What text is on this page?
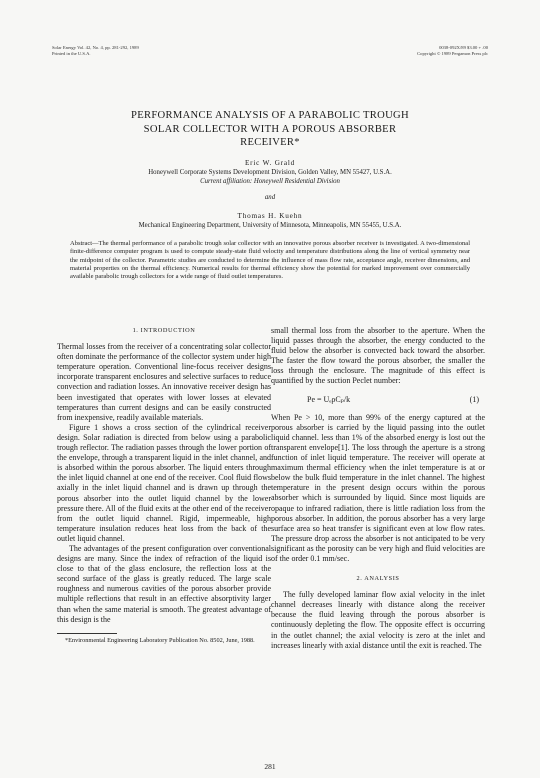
Solar Energy Vol. 42, No. 4, pp. 281-292, 1989
Printed in the U.S.A.
0038-092X/89 $3.00 + .00
Copyright © 1989 Pergamon Press plc
PERFORMANCE ANALYSIS OF A PARABOLIC TROUGH
SOLAR COLLECTOR WITH A POROUS ABSORBER
RECEIVER*
Eric W. Grald
Honeywell Corporate Systems Development Division, Golden Valley, MN 55427, U.S.A.
Current affiliation: Honeywell Residential Division
and
Thomas H. Kuehn
Mechanical Engineering Department, University of Minnesota, Minneapolis, MN 55455, U.S.A.
Abstract—The thermal performance of a parabolic trough solar collector with an innovative porous absorber receiver is investigated. A two-dimensional finite-difference computer program is used to compute steady-state fluid velocity and temperature distributions along the line of vertical symmetry near the midpoint of the collector. Parametric studies are conducted to determine the influence of mass flow rate, acceptance angle, receiver dimensions, and material properties on the thermal efficiency. Numerical results for thermal efficiency show the potential for marked improvement over commercially available parabolic trough collectors for a wide range of fluid outlet temperatures.
1. INTRODUCTION

Thermal losses from the receiver of a concentrating solar collector often dominate the performance of the collector system under high temperature operation. Conventional line-focus receiver designs incorporate transparent enclosures and selective surfaces to reduce convection and radiation losses. An innovative receiver design has been investigated that operates with lower losses at elevated temperatures than current designs and can be easily constructed from inexpensive, readily available materials.

Figure 1 shows a cross section of the cylindrical receiver design. Solar radiation is directed from below using a parabolic trough reflector. The radiation passes through the lower portion of the envelope, through a transparent liquid in the inlet channel, and is absorbed within the porous absorber. The liquid enters through the inlet liquid channel at one end of the receiver. Cool fluid flows axially in the inlet liquid channel and is drawn up through the porous absorber into the outlet liquid channel by the lower pressure there. All of the fluid exits at the other end of the receiver from the outlet liquid channel. Rigid, impermeable, high temperature insulation reduces heat loss from the back of the outlet liquid channel.

The advantages of the present configuration over conventional designs are many. Since the index of refraction of the liquid is close to that of the glass enclosure, the reflection loss at the second surface of the glass is greatly reduced. The large scale roughness and numerous cavities of the porous absorber provide multiple reflections that result in an effective absorptivity larger than when the same material is smooth. The greatest advantage of this design is the

*Environmental Engineering Laboratory Publication No. 8502, June, 1988.

small thermal loss from the absorber to the aperture. When the liquid passes through the absorber, the energy conducted to the fluid below the absorber is convected back toward the absorber. The faster the flow toward the porous absorber, the smaller the loss through the enclosure. The magnitude of this effect is quantified by the suction Peclet number:

Pe = UₑρCₚ/k	(1)

When Pe > 10, more than 99% of the energy captured at the porous absorber is carried by the liquid passing into the outlet liquid channel. less than 1% of the absorbed energy is lost out the transparent envelope[1]. The loss through the aperture is a strong function of inlet liquid temperature. The receiver will operate at maximum thermal efficiency when the inlet temperature is at or below the bulk fluid temperature in the inlet channel. The highest temperature in the present design occurs within the porous absorber which is surrounded by liquid. Since most liquids are opaque to infrared radiation, there is little radiation loss from the porous absorber. In addition, the porous absorber has a very large surface area so heat transfer is significant even at low flow rates. The pressure drop across the absorber is not anticipated to be very significant as the porosity can be very high and fluid velocities are of the order 0.1 mm/sec.

2. ANALYSIS

The fully developed laminar flow axial velocity in the inlet channel decreases linearly with distance along the receiver because the fluid leaving through the porous absorber is continuously depleting the flow. The opposite effect is occurring in the outlet channel; the axial velocity is zero at the inlet and increases linearly with axial distance until the exit is reached. The

281
